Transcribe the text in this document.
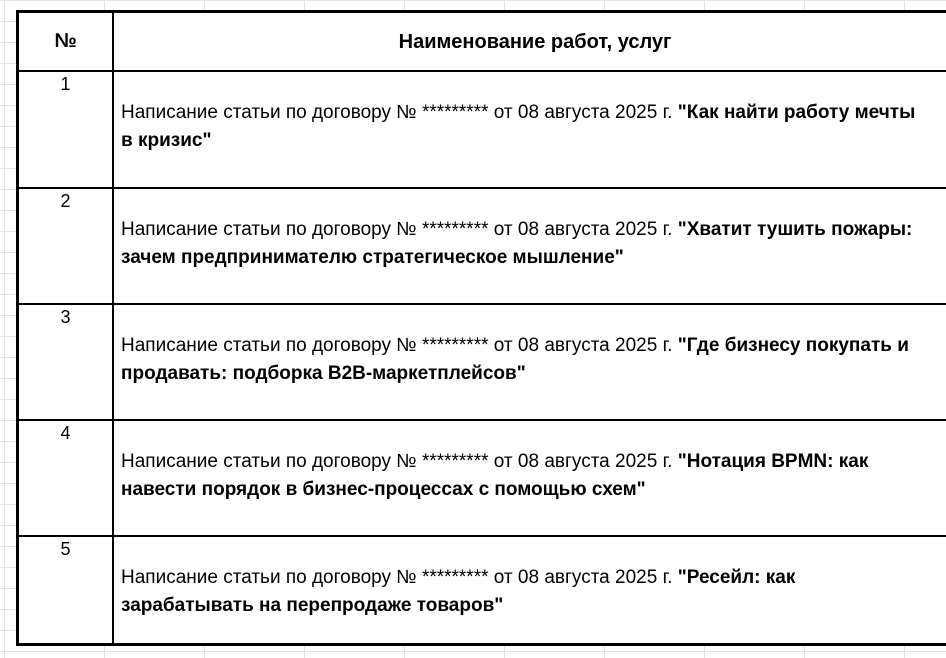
№	Наименование работ, услуг
1
Написание статьи по договору № ********* от 08 августа 2025 г. "Как найти работу мечты в кризис"
2
Написание статьи по договору № ********* от 08 августа 2025 г. "Хватит тушить пожары: зачем предпринимателю стратегическое мышление"
3
Написание статьи по договору № ********* от 08 августа 2025 г. "Где бизнесу покупать и продавать: подборка B2B-маркетплейсов"
4
Написание статьи по договору № ********* от 08 августа 2025 г. "Нотация BPMN: как навести порядок в бизнес-процессах с помощью схем"
5
Написание статьи по договору № ********* от 08 августа 2025 г. "Ресейл: как зарабатывать на перепродаже товаров"
